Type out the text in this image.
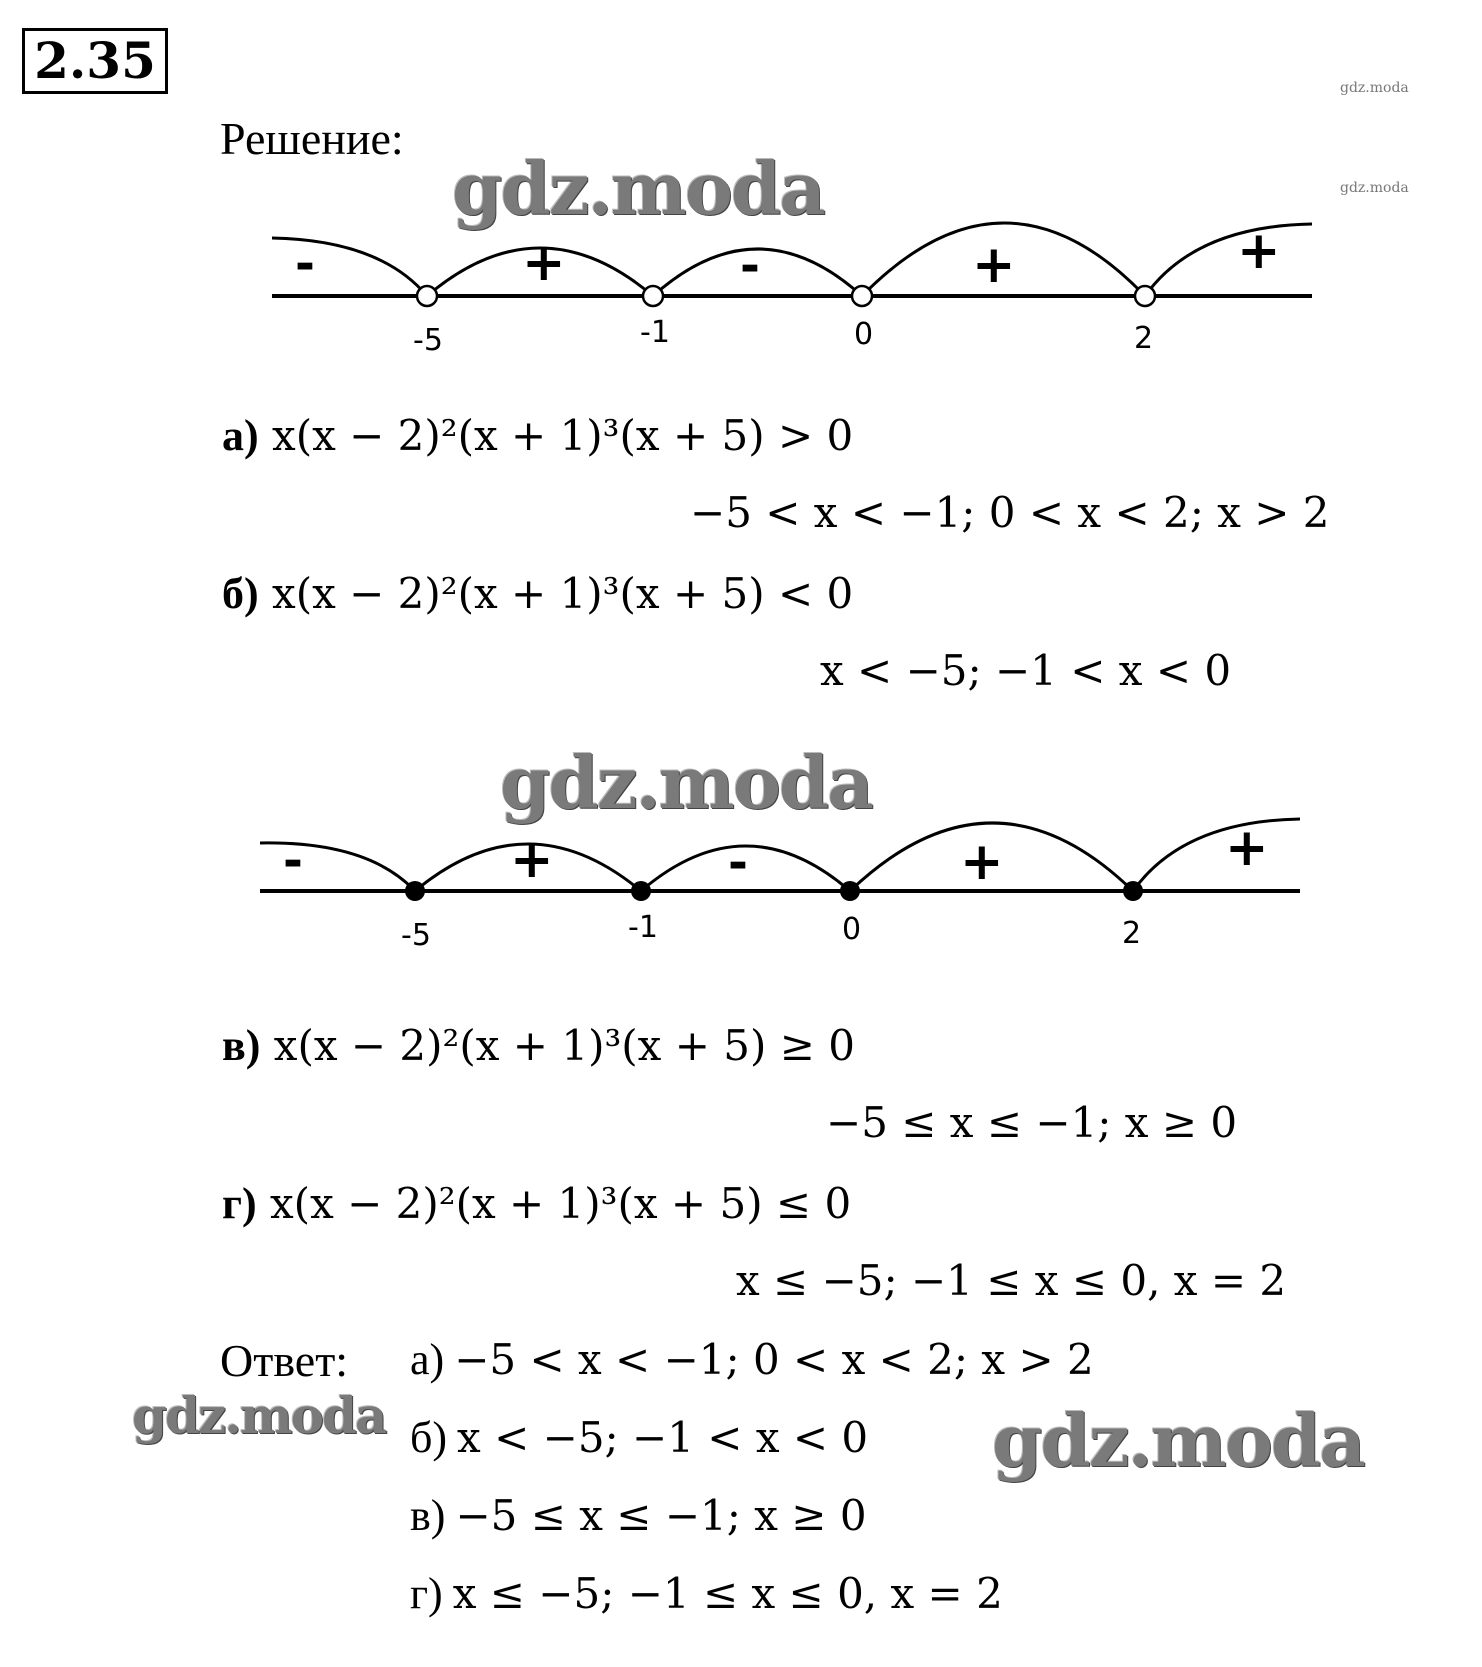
2.35	gdz.moda
gdz.moda
Решение:
gdz.moda
-	+	-	+	+
-5	-1	0	2
а) x(x − 2)²(x + 1)³(x + 5) > 0
−5 < x < −1; 0 < x < 2; x > 2
б) x(x − 2)²(x + 1)³(x + 5) < 0
x < −5; −1 < x < 0
gdz.moda
-	+	-	+	+
-5	-1	0	2
в) x(x − 2)²(x + 1)³(x + 5) ≥ 0
−5 ≤ x ≤ −1; x ≥ 0
г) x(x − 2)²(x + 1)³(x + 5) ≤ 0
x ≤ −5; −1 ≤ x ≤ 0, x = 2
Ответ: а) −5 < x < −1; 0 < x < 2; x > 2
б) x < −5; −1 < x < 0
в) −5 ≤ x ≤ −1; x ≥ 0
г) x ≤ −5; −1 ≤ x ≤ 0, x = 2
gdz.moda	gdz.moda
